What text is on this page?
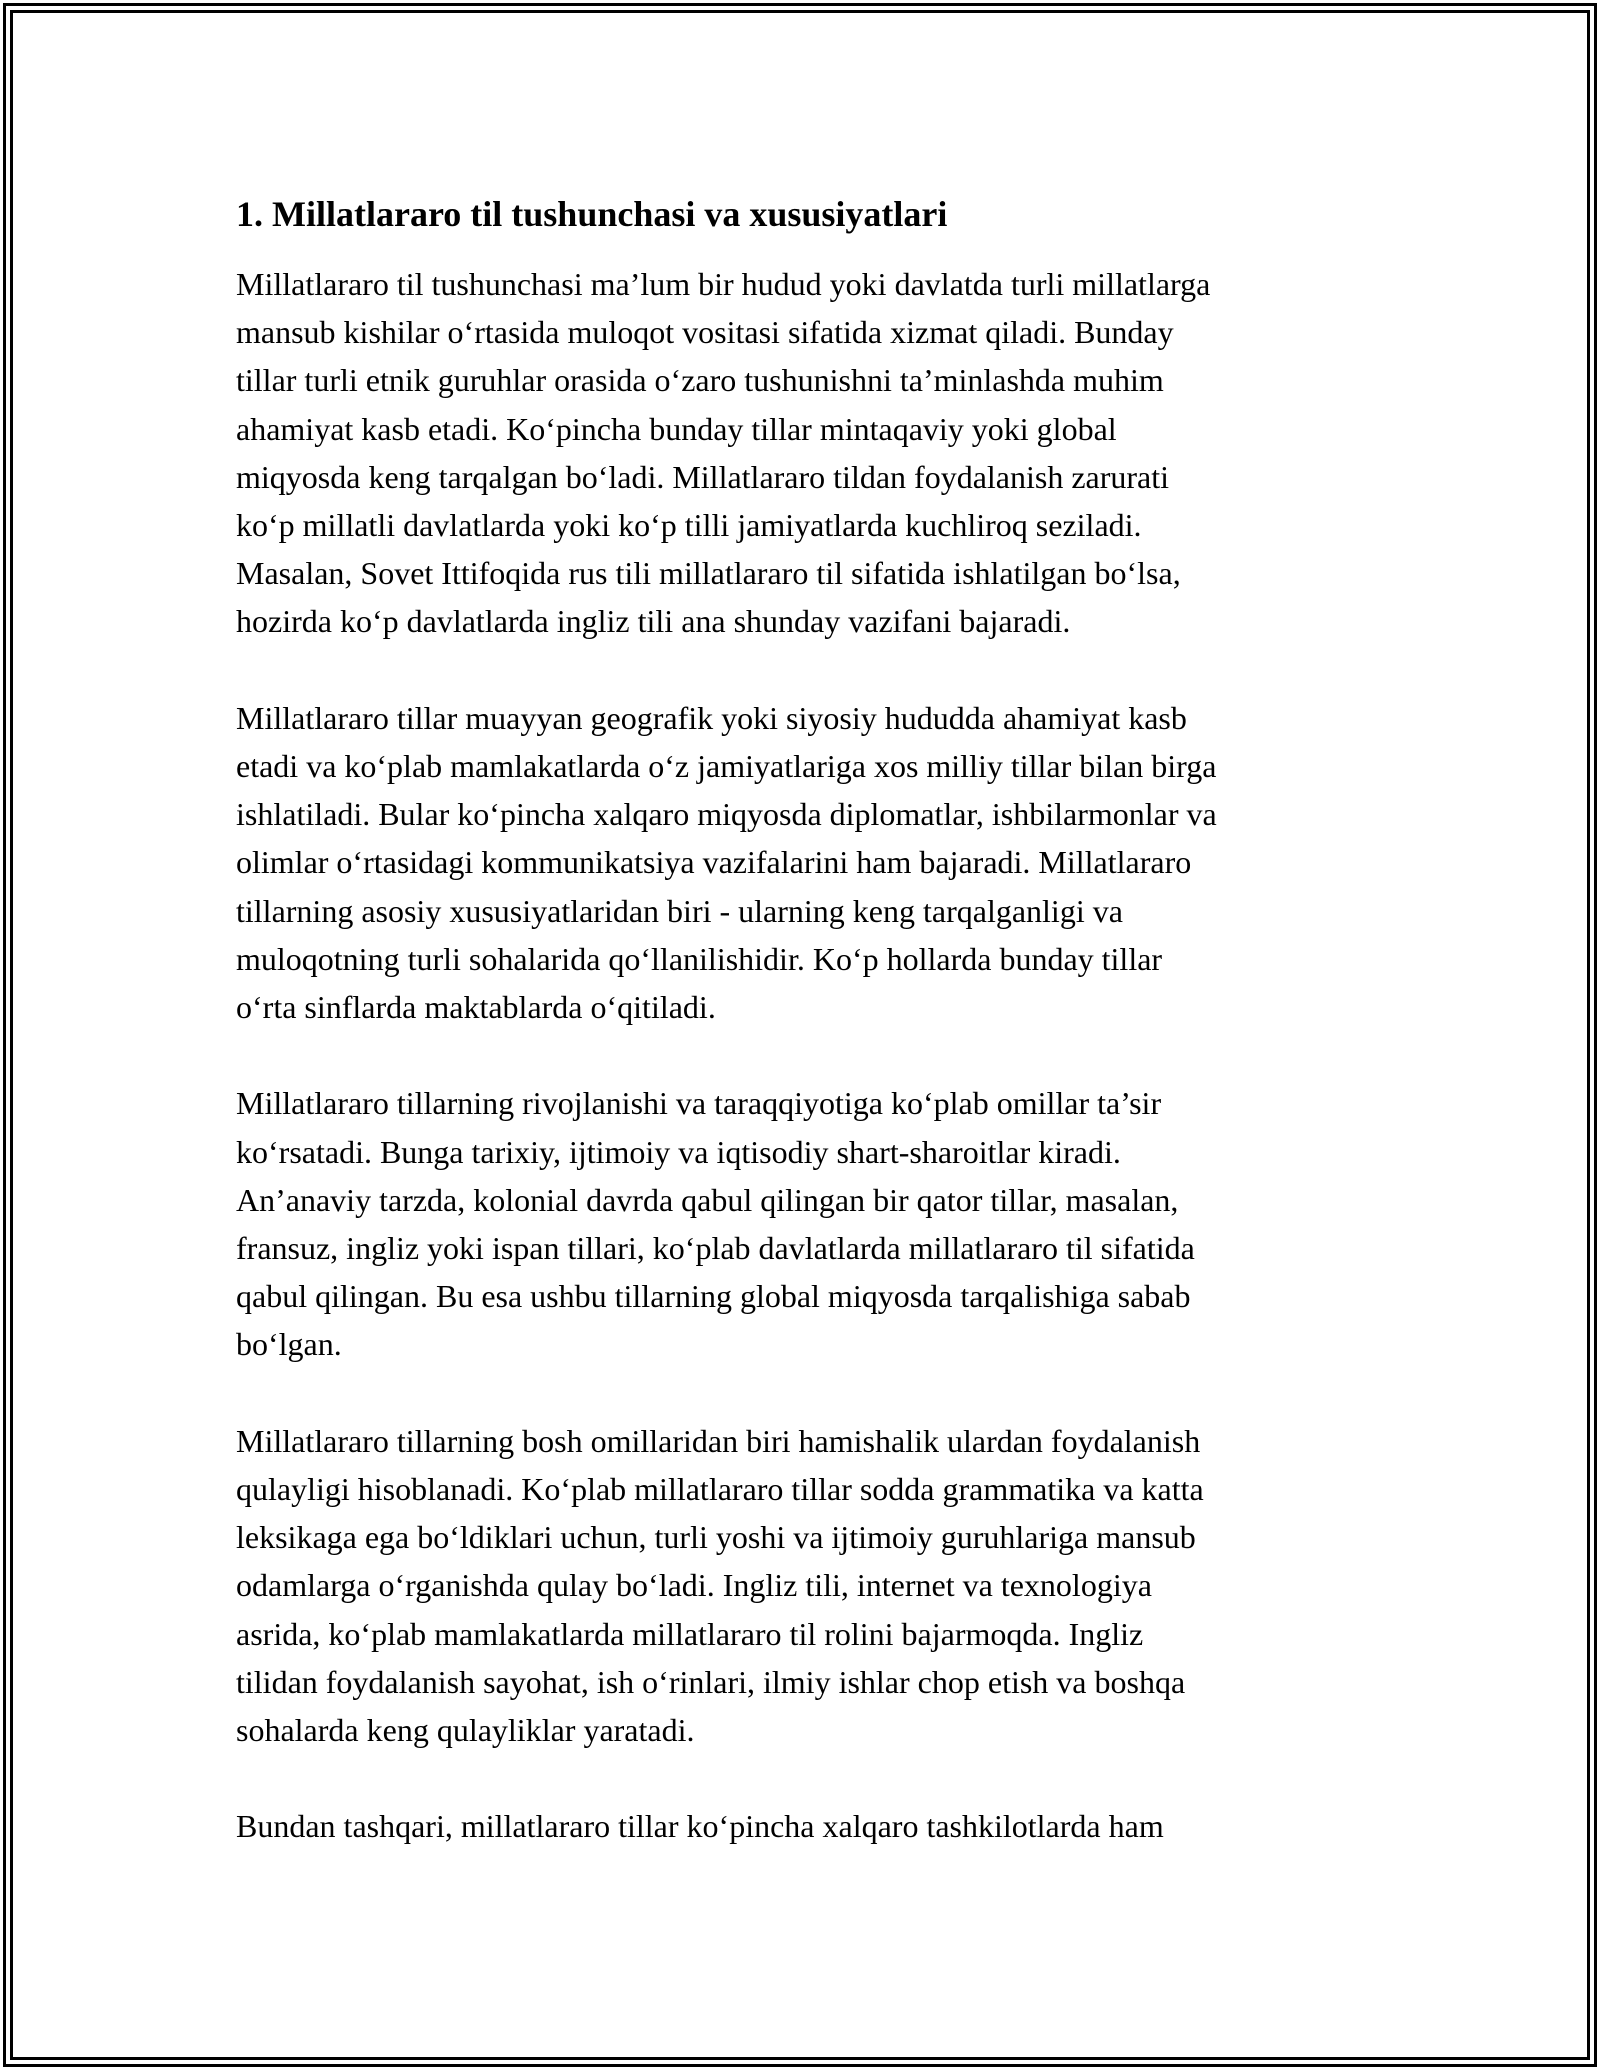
1. Millatlararo til tushunchasi va xususiyatlari
Millatlararo til tushunchasi ma’lum bir hudud yoki davlatda turli millatlarga
mansub kishilar o‘rtasida muloqot vositasi sifatida xizmat qiladi. Bunday
tillar turli etnik guruhlar orasida o‘zaro tushunishni ta’minlashda muhim
ahamiyat kasb etadi. Ko‘pincha bunday tillar mintaqaviy yoki global
miqyosda keng tarqalgan bo‘ladi. Millatlararo tildan foydalanish zarurati
ko‘p millatli davlatlarda yoki ko‘p tilli jamiyatlarda kuchliroq seziladi.
Masalan, Sovet Ittifoqida rus tili millatlararo til sifatida ishlatilgan bo‘lsa,
hozirda ko‘p davlatlarda ingliz tili ana shunday vazifani bajaradi.
Millatlararo tillar muayyan geografik yoki siyosiy hududda ahamiyat kasb
etadi va ko‘plab mamlakatlarda o‘z jamiyatlariga xos milliy tillar bilan birga
ishlatiladi. Bular ko‘pincha xalqaro miqyosda diplomatlar, ishbilarmonlar va
olimlar o‘rtasidagi kommunikatsiya vazifalarini ham bajaradi. Millatlararo
tillarning asosiy xususiyatlaridan biri - ularning keng tarqalganligi va
muloqotning turli sohalarida qo‘llanilishidir. Ko‘p hollarda bunday tillar
o‘rta sinflarda maktablarda o‘qitiladi.
Millatlararo tillarning rivojlanishi va taraqqiyotiga ko‘plab omillar ta’sir
ko‘rsatadi. Bunga tarixiy, ijtimoiy va iqtisodiy shart-sharoitlar kiradi.
An’anaviy tarzda, kolonial davrda qabul qilingan bir qator tillar, masalan,
fransuz, ingliz yoki ispan tillari, ko‘plab davlatlarda millatlararo til sifatida
qabul qilingan. Bu esa ushbu tillarning global miqyosda tarqalishiga sabab
bo‘lgan.
Millatlararo tillarning bosh omillaridan biri hamishalik ulardan foydalanish
qulayligi hisoblanadi. Ko‘plab millatlararo tillar sodda grammatika va katta
leksikaga ega bo‘ldiklari uchun, turli yoshi va ijtimoiy guruhlariga mansub
odamlarga o‘rganishda qulay bo‘ladi. Ingliz tili, internet va texnologiya
asrida, ko‘plab mamlakatlarda millatlararo til rolini bajarmoqda. Ingliz
tilidan foydalanish sayohat, ish o‘rinlari, ilmiy ishlar chop etish va boshqa
sohalarda keng qulayliklar yaratadi.
Bundan tashqari, millatlararo tillar ko‘pincha xalqaro tashkilotlarda ham
